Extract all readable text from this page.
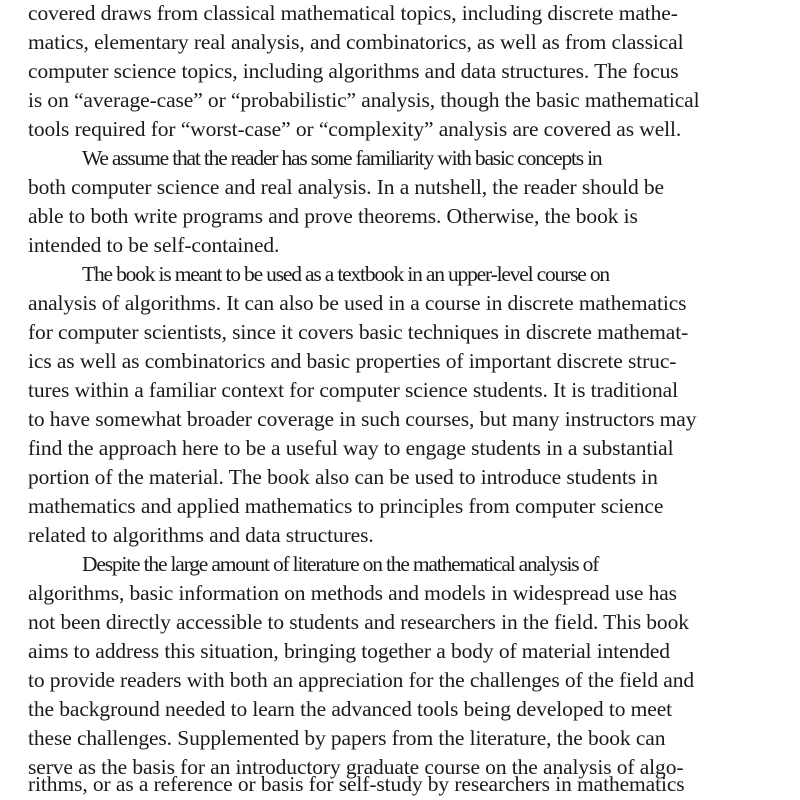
covered draws from classical mathematical topics, including discrete mathe-
matics, elementary real analysis, and combinatorics, as well as from classical
computer science topics, including algorithms and data structures. The focus
is on “average-case” or “probabilistic” analysis, though the basic mathematical
tools required for “worst-case” or “complexity” analysis are covered as well.
We assume that the reader has some familiarity with basic concepts in
both computer science and real analysis. In a nutshell, the reader should be
able to both write programs and prove theorems. Otherwise, the book is
intended to be self-contained.
The book is meant to be used as a textbook in an upper-level course on
analysis of algorithms. It can also be used in a course in discrete mathematics
for computer scientists, since it covers basic techniques in discrete mathemat-
ics as well as combinatorics and basic properties of important discrete struc-
tures within a familiar context for computer science students. It is traditional
to have somewhat broader coverage in such courses, but many instructors may
find the approach here to be a useful way to engage students in a substantial
portion of the material. The book also can be used to introduce students in
mathematics and applied mathematics to principles from computer science
related to algorithms and data structures.
Despite the large amount of literature on the mathematical analysis of
algorithms, basic information on methods and models in widespread use has
not been directly accessible to students and researchers in the field. This book
aims to address this situation, bringing together a body of material intended
to provide readers with both an appreciation for the challenges of the field and
the background needed to learn the advanced tools being developed to meet
these challenges. Supplemented by papers from the literature, the book can
serve as the basis for an introductory graduate course on the analysis of algo-
rithms, or as a reference or basis for self-study by researchers in mathematics
